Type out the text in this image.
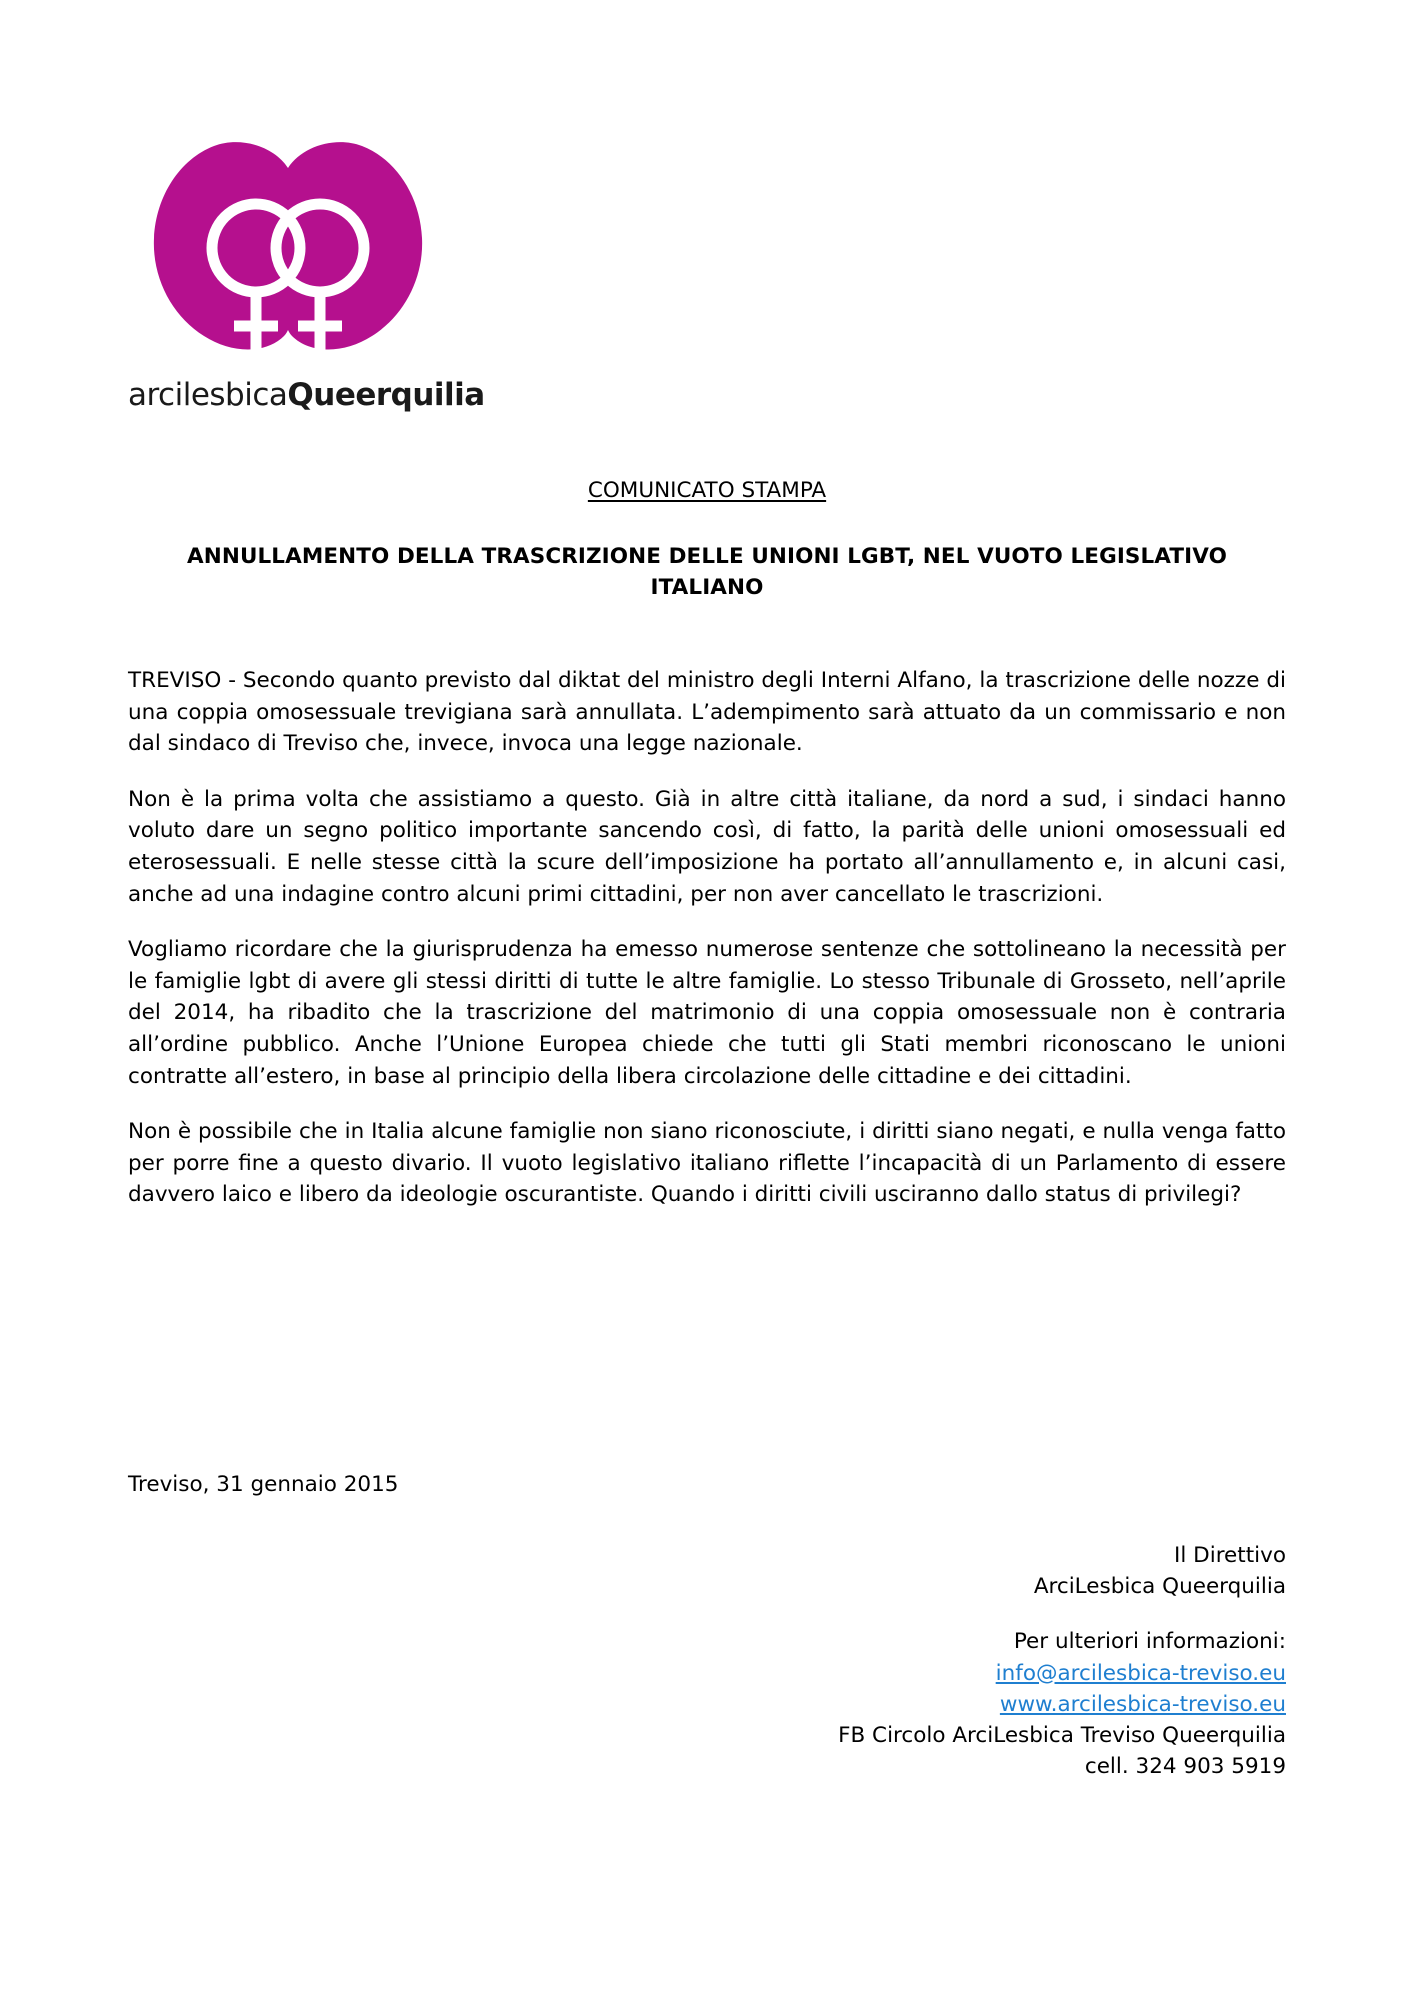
arcilesbicaQueerquilia
COMUNICATO STAMPA
ANNULLAMENTO DELLA TRASCRIZIONE DELLE UNIONI LGBT, NEL VUOTO LEGISLATIVO ITALIANO

TREVISO - Secondo quanto previsto dal diktat del ministro degli Interni Alfano, la trascrizione delle nozze di una coppia omosessuale trevigiana sarà annullata. L’adempimento sarà attuato da un commissario e non dal sindaco di Treviso che, invece, invoca una legge nazionale.

Non è la prima volta che assistiamo a questo. Già in altre città italiane, da nord a sud, i sindaci hanno voluto dare un segno politico importante sancendo così, di fatto, la parità delle unioni omosessuali ed eterosessuali. E nelle stesse città la scure dell’imposizione ha portato all’annullamento e, in alcuni casi, anche ad una indagine contro alcuni primi cittadini, per non aver cancellato le trascrizioni.

Vogliamo ricordare che la giurisprudenza ha emesso numerose sentenze che sottolineano la necessità per le famiglie lgbt di avere gli stessi diritti di tutte le altre famiglie. Lo stesso Tribunale di Grosseto, nell’aprile del 2014, ha ribadito che la trascrizione del matrimonio di una coppia omosessuale non è contraria all’ordine pubblico. Anche l’Unione Europea chiede che tutti gli Stati membri riconoscano le unioni contratte all’estero, in base al principio della libera circolazione delle cittadine e dei cittadini.

Non è possibile che in Italia alcune famiglie non siano riconosciute, i diritti siano negati, e nulla venga fatto per porre fine a questo divario. Il vuoto legislativo italiano riflette l’incapacità di un Parlamento di essere davvero laico e libero da ideologie oscurantiste. Quando i diritti civili usciranno dallo status di privilegi?

Treviso, 31 gennaio 2015
Il Direttivo
ArciLesbica Queerquilia
Per ulteriori informazioni:
info@arcilesbica-treviso.eu
www.arcilesbica-treviso.eu
FB Circolo ArciLesbica Treviso Queerquilia
cell. 324 903 5919
